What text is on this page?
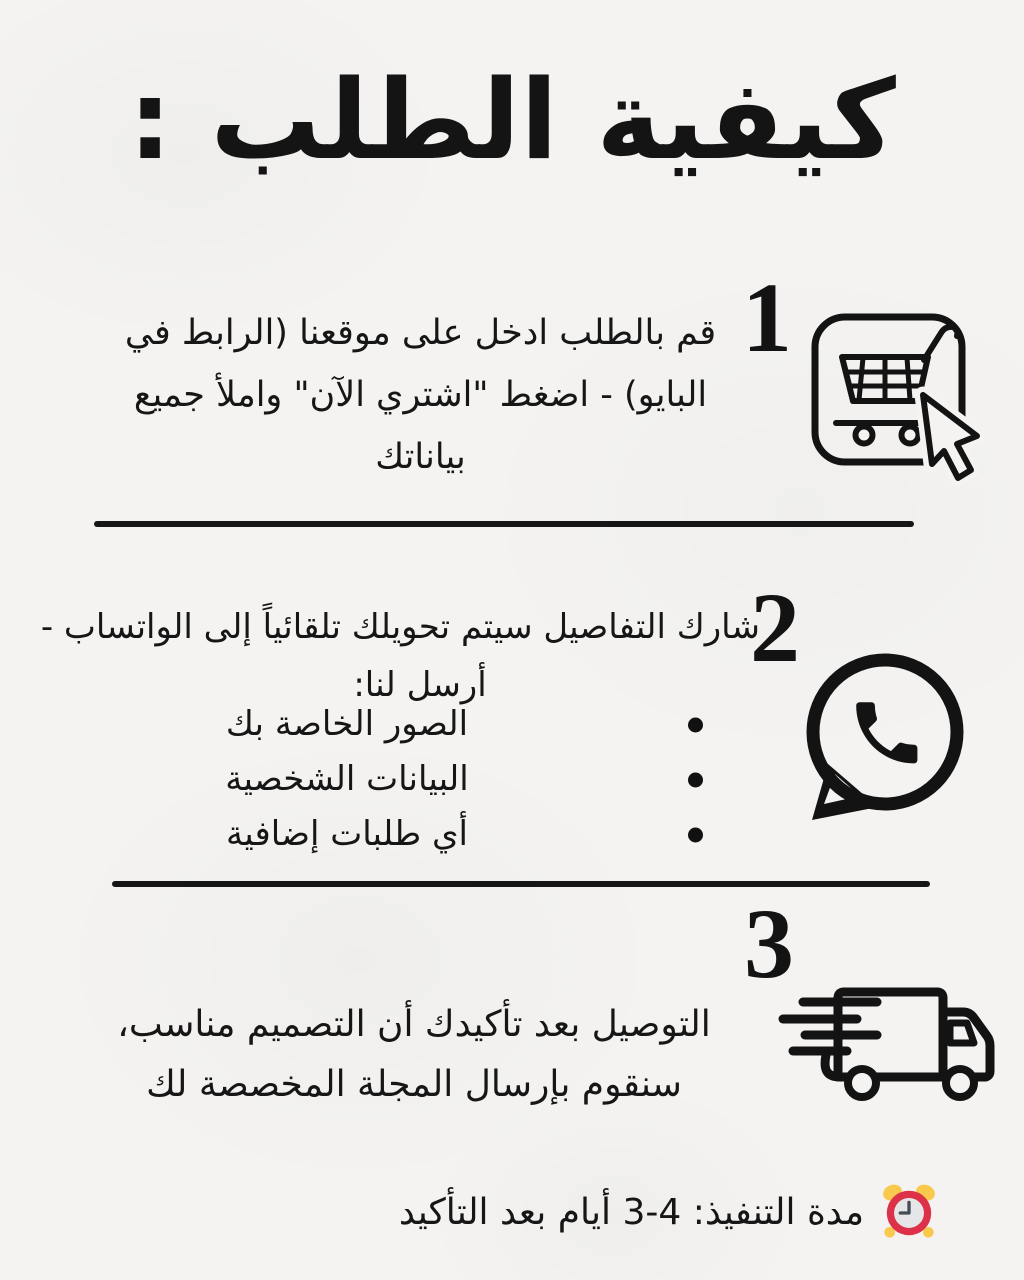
كيفية الطلب :
1
قم بالطلب ادخل على موقعنا (الرابط في
البايو) - اضغط "اشتري الآن" واملأ جميع
بياناتك
2
شارك التفاصيل سيتم تحويلك تلقائياً إلى الواتساب -
أرسل لنا:
الصور الخاصة بك
البيانات الشخصية
أي طلبات إضافية
3
التوصيل بعد تأكيدك أن التصميم مناسب،
سنقوم بإرسال المجلة المخصصة لك
مدة التنفيذ: 4-3 أيام بعد التأكيد
